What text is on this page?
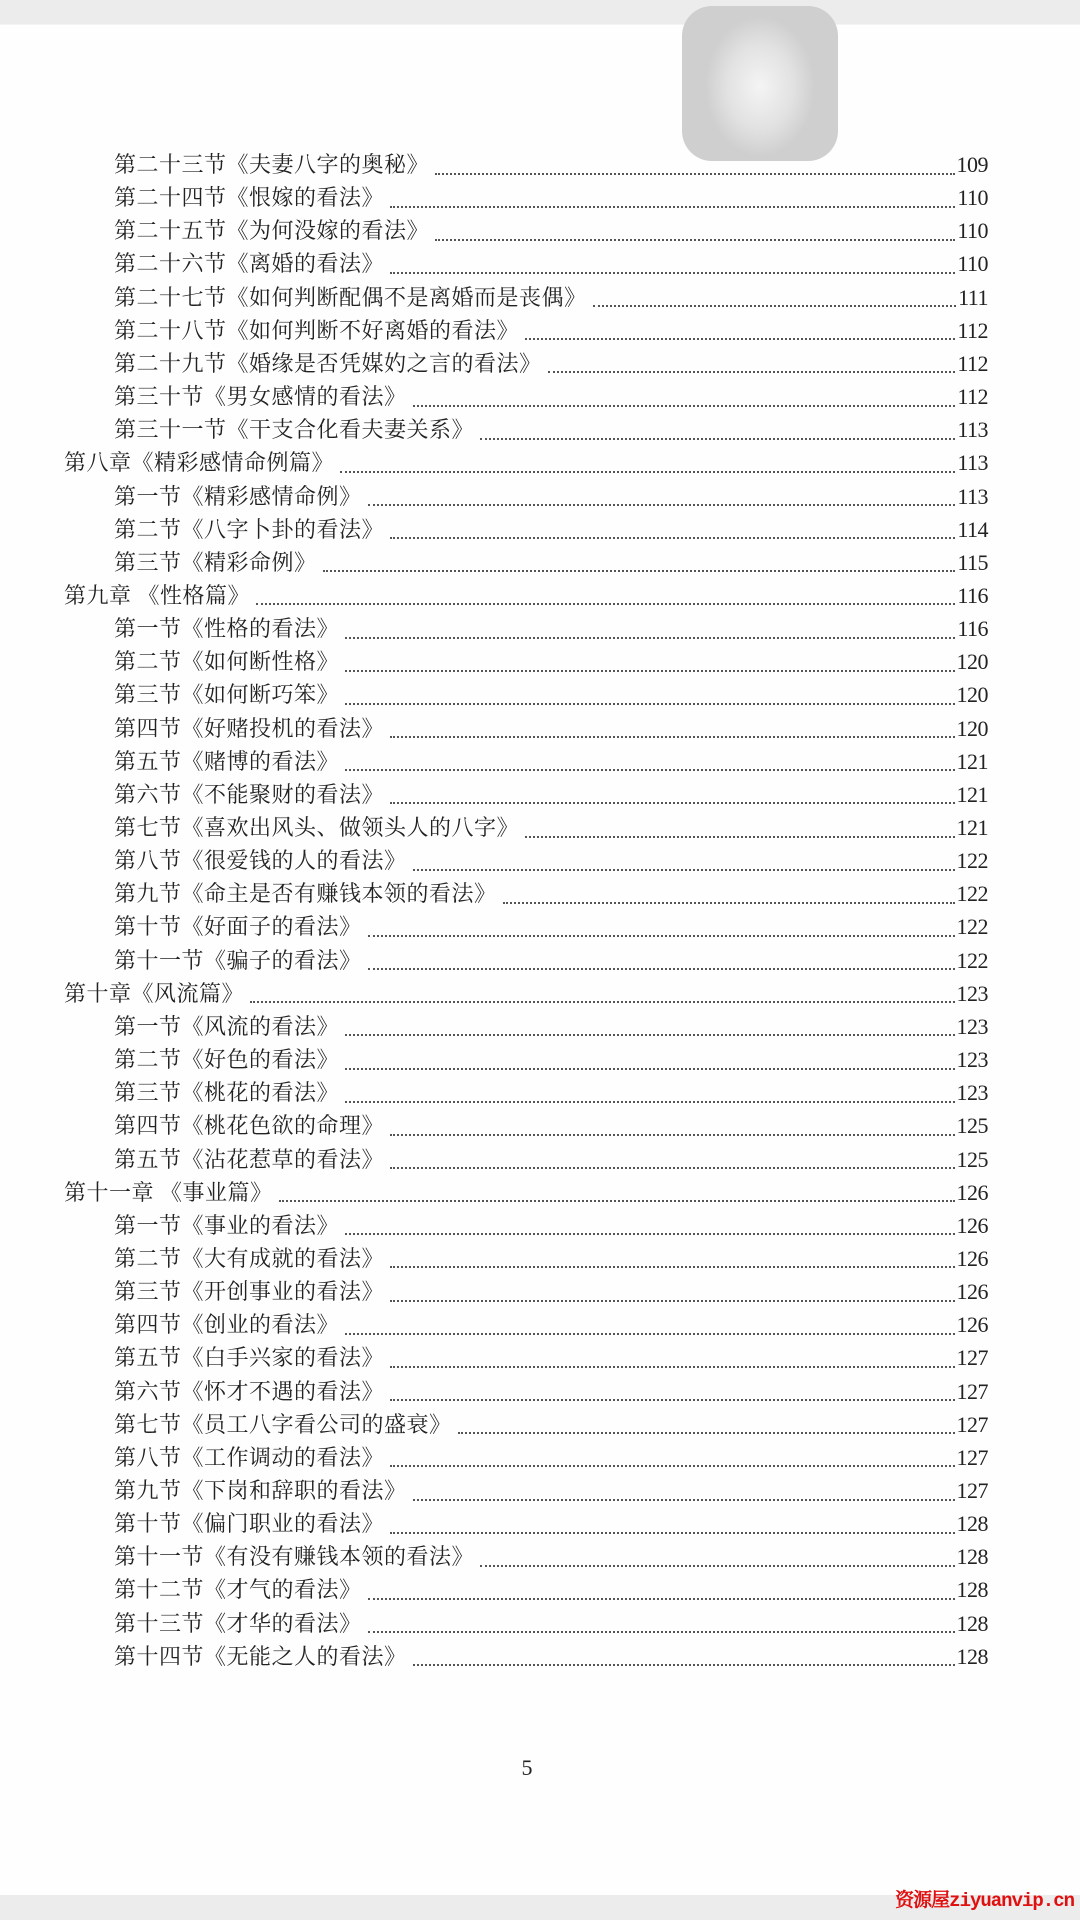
第二十三节《夫妻八字的奥秘》	109
第二十四节《恨嫁的看法》	110
第二十五节《为何没嫁的看法》	110
第二十六节《离婚的看法》	110
第二十七节《如何判断配偶不是离婚而是丧偶》	111
第二十八节《如何判断不好离婚的看法》	112
第二十九节《婚缘是否凭媒妁之言的看法》	112
第三十节《男女感情的看法》	112
第三十一节《干支合化看夫妻关系》	113
第八章《精彩感情命例篇》	113
第一节《精彩感情命例》	113
第二节《八字卜卦的看法》	114
第三节《精彩命例》	115
第九章 《性格篇》	116
第一节《性格的看法》	116
第二节《如何断性格》	120
第三节《如何断巧笨》	120
第四节《好赌投机的看法》	120
第五节《赌博的看法》	121
第六节《不能聚财的看法》	121
第七节《喜欢出风头、做领头人的八字》	121
第八节《很爱钱的人的看法》	122
第九节《命主是否有赚钱本领的看法》	122
第十节《好面子的看法》	122
第十一节《骗子的看法》	122
第十章《风流篇》	123
第一节《风流的看法》	123
第二节《好色的看法》	123
第三节《桃花的看法》	123
第四节《桃花色欲的命理》	125
第五节《沾花惹草的看法》	125
第十一章 《事业篇》	126
第一节《事业的看法》	126
第二节《大有成就的看法》	126
第三节《开创事业的看法》	126
第四节《创业的看法》	126
第五节《白手兴家的看法》	127
第六节《怀才不遇的看法》	127
第七节《员工八字看公司的盛衰》	127
第八节《工作调动的看法》	127
第九节《下岗和辞职的看法》	127
第十节《偏门职业的看法》	128
第十一节《有没有赚钱本领的看法》	128
第十二节《才气的看法》	128
第十三节《才华的看法》	128
第十四节《无能之人的看法》	128
5
资源屋ziyuanvip.cn
